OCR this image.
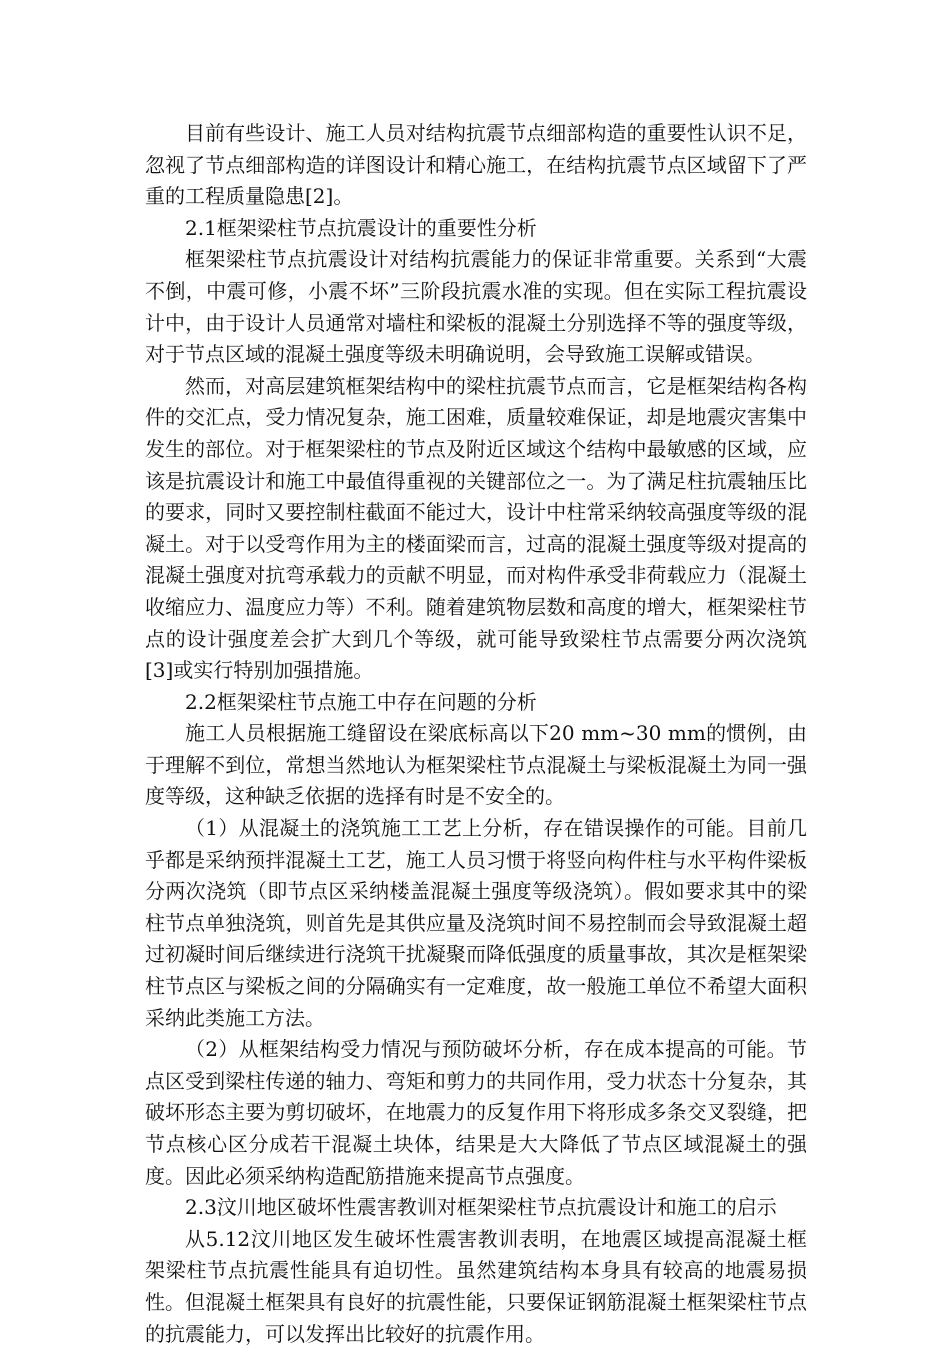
目前有些设计、施工人员对结构抗震节点细部构造的重要性认识不足，忽视了节点细部构造的详图设计和精心施工，在结构抗震节点区域留下了严重的工程质量隐患[2]。

2.1框架梁柱节点抗震设计的重要性分析

框架梁柱节点抗震设计对结构抗震能力的保证非常重要。关系到“大震不倒，中震可修，小震不坏”三阶段抗震水准的实现。但在实际工程抗震设计中，由于设计人员通常对墙柱和梁板的混凝土分别选择不等的强度等级，对于节点区域的混凝土强度等级未明确说明，会导致施工误解或错误。

然而，对高层建筑框架结构中的梁柱抗震节点而言，它是框架结构各构件的交汇点，受力情况复杂，施工困难，质量较难保证，却是地震灾害集中发生的部位。对于框架梁柱的节点及附近区域这个结构中最敏感的区域，应该是抗震设计和施工中最值得重视的关键部位之一。为了满足柱抗震轴压比的要求，同时又要控制柱截面不能过大，设计中柱常采纳较高强度等级的混凝土。对于以受弯作用为主的楼面梁而言，过高的混凝土强度等级对提高的混凝土强度对抗弯承载力的贡献不明显，而对构件承受非荷载应力（混凝土收缩应力、温度应力等）不利。随着建筑物层数和高度的增大，框架梁柱节点的设计强度差会扩大到几个等级，就可能导致梁柱节点需要分两次浇筑[3]或实行特别加强措施。

2.2框架梁柱节点施工中存在问题的分析

施工人员根据施工缝留设在梁底标高以下20 mm~30 mm的惯例，由于理解不到位，常想当然地认为框架梁柱节点混凝土与梁板混凝土为同一强度等级，这种缺乏依据的选择有时是不安全的。

（1）从混凝土的浇筑施工工艺上分析，存在错误操作的可能。目前几乎都是采纳预拌混凝土工艺，施工人员习惯于将竖向构件柱与水平构件梁板分两次浇筑（即节点区采纳楼盖混凝土强度等级浇筑）。假如要求其中的梁柱节点单独浇筑，则首先是其供应量及浇筑时间不易控制而会导致混凝土超过初凝时间后继续进行浇筑干扰凝聚而降低强度的质量事故，其次是框架梁柱节点区与梁板之间的分隔确实有一定难度，故一般施工单位不希望大面积采纳此类施工方法。

（2）从框架结构受力情况与预防破坏分析，存在成本提高的可能。节点区受到梁柱传递的轴力、弯矩和剪力的共同作用，受力状态十分复杂，其破坏形态主要为剪切破坏，在地震力的反复作用下将形成多条交叉裂缝，把节点核心区分成若干混凝土块体，结果是大大降低了节点区域混凝土的强度。因此必须采纳构造配筋措施来提高节点强度。

2.3汶川地区破坏性震害教训对框架梁柱节点抗震设计和施工的启示

从5.12汶川地区发生破坏性震害教训表明，在地震区域提高混凝土框架梁柱节点抗震性能具有迫切性。虽然建筑结构本身具有较高的地震易损性。但混凝土框架具有良好的抗震性能，只要保证钢筋混凝土框架梁柱节点的抗震能力，可以发挥出比较好的抗震作用。
